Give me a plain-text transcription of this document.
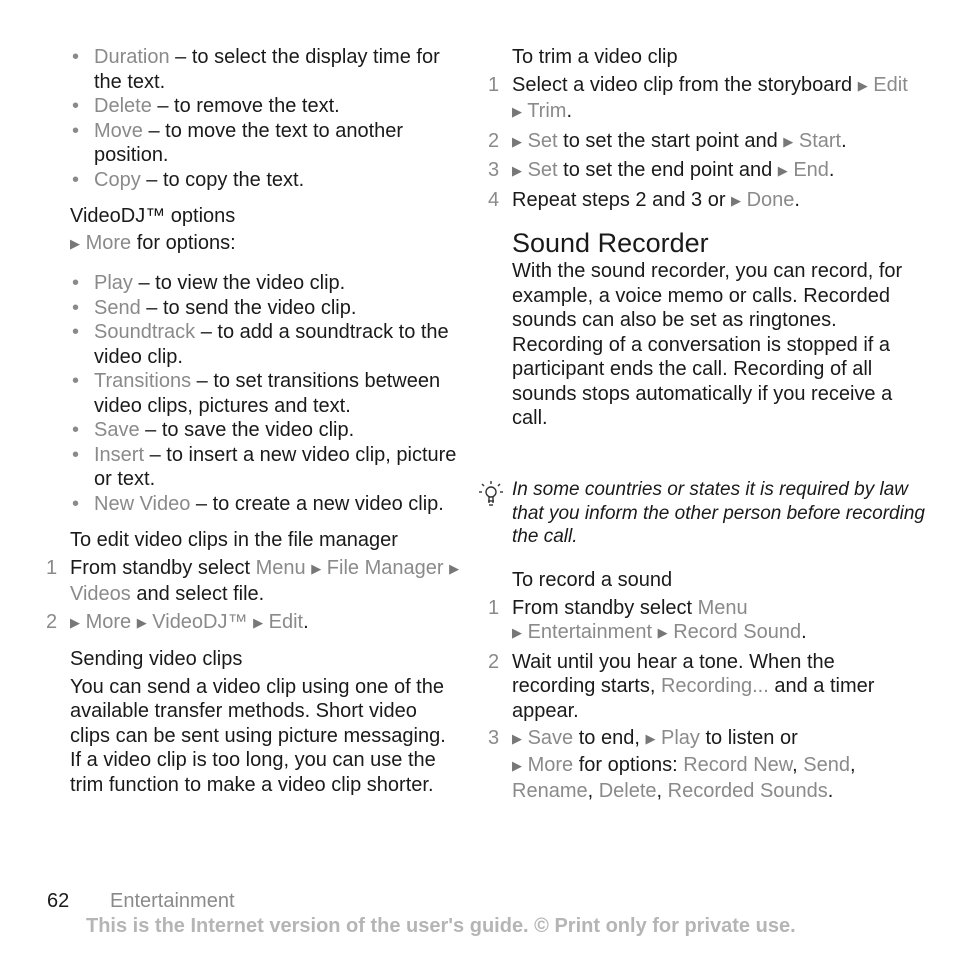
• Duration – to select the display time for the text.
• Delete – to remove the text.
• Move – to move the text to another position.
• Copy – to copy the text.
VideoDJ™ options

▶ More for options:

• Play – to view the video clip.
• Send – to send the video clip.
• Soundtrack – to add a soundtrack to the video clip.
• Transitions – to set transitions between video clips, pictures and text.
• Save – to save the video clip.
• Insert – to insert a new video clip, picture or text.
• New Video – to create a new video clip.
To edit video clips in the file manager
1 From standby select Menu ▶ File Manager ▶ Videos and select file.
2 ▶ More ▶ VideoDJ™ ▶ Edit.
Sending video clips

You can send a video clip using one of the available transfer methods. Short video clips can be sent using picture messaging. If a video clip is too long, you can use the trim function to make a video clip shorter.

To trim a video clip
1 Select a video clip from the storyboard ▶ Edit ▶ Trim.
2 ▶ Set to set the start point and ▶ Start.
3 ▶ Set to set the end point and ▶ End.
4 Repeat steps 2 and 3 or ▶ Done.
Sound Recorder

With the sound recorder, you can record, for example, a voice memo or calls. Recorded sounds can also be set as ringtones. Recording of a conversation is stopped if a participant ends the call. Recording of all sounds stops automatically if you receive a call.

In some countries or states it is required by law that you inform the other person before recording the call.
To record a sound
1 From standby select Menu
▶ Entertainment ▶ Record Sound.
2 Wait until you hear a tone. When the recording starts, Recording... and a timer appear.
3 ▶ Save to end, ▶ Play to listen or
▶ More for options: Record New, Send, Rename, Delete, Recorded Sounds.
62 Entertainment
This is the Internet version of the user's guide. © Print only for private use.
